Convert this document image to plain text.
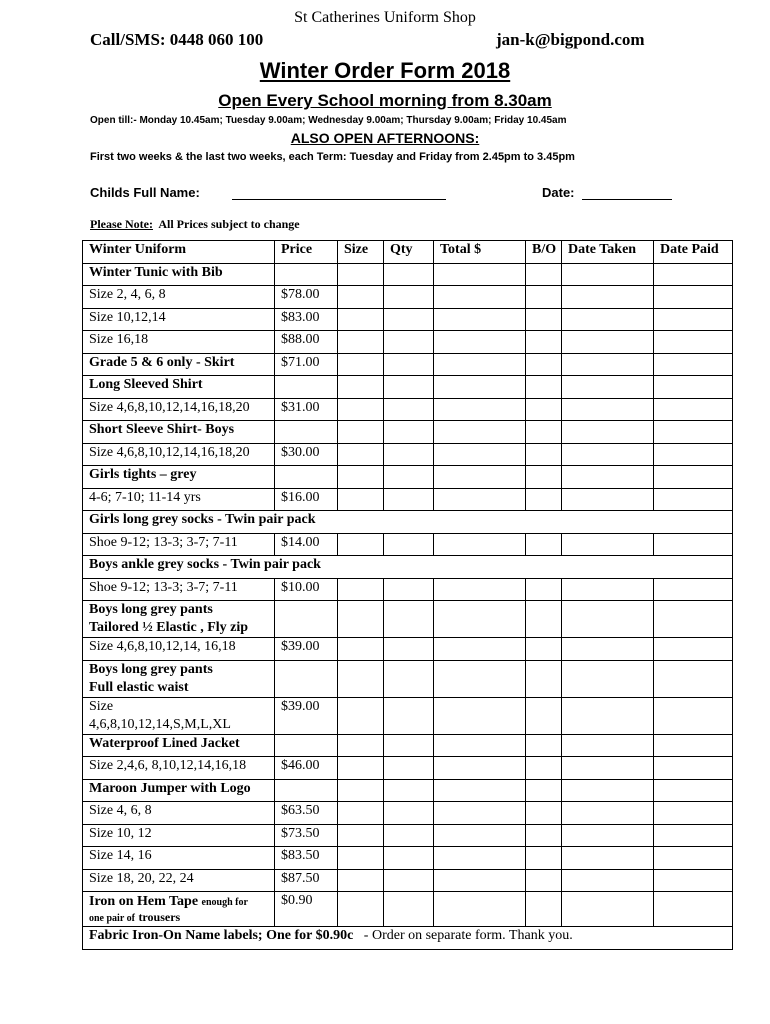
St Catherines Uniform Shop
Call/SMS: 0448 060 100	jan-k@bigpond.com
Winter Order Form 2018
Open Every School morning from 8.30am
Open till:- Monday 10.45am; Tuesday 9.00am; Wednesday 9.00am; Thursday 9.00am; Friday 10.45am
ALSO OPEN AFTERNOONS:
First two weeks & the last two weeks, each Term: Tuesday and Friday from 2.45pm to 3.45pm
Childs Full Name:	Date:
Please Note: All Prices subject to change
Winter Uniform	Price	Size	Qty	Total $	B/O	Date Taken	Date Paid
Winter Tunic with Bib							
Size 2, 4, 6, 8	$78.00						
Size 10,12,14	$83.00						
Size 16,18	$88.00						
Grade 5 & 6 only - Skirt	$71.00						
Long Sleeved Shirt							
Size 4,6,8,10,12,14,16,18,20	$31.00						
Short Sleeve Shirt- Boys							
Size 4,6,8,10,12,14,16,18,20	$30.00						
Girls tights – grey							
4-6; 7-10; 11-14 yrs	$16.00						
Girls long grey socks - Twin pair pack							
Shoe 9-12; 13-3; 3-7; 7-11	$14.00						
Boys ankle grey socks - Twin pair pack							
Shoe 9-12; 13-3; 3-7; 7-11	$10.00						
Boys long grey pants
Tailored ½ Elastic , Fly zip							
Size 4,6,8,10,12,14, 16,18	$39.00						
Boys long grey pants
Full elastic waist							
Size
4,6,8,10,12,14,S,M,L,XL	$39.00						
Waterproof Lined Jacket							
Size 2,4,6, 8,10,12,14,16,18	$46.00						
Maroon Jumper with Logo							
Size 4, 6, 8	$63.50						
Size 10, 12	$73.50						
Size 14, 16	$83.50						
Size 18, 20, 22, 24	$87.50						
Iron on Hem Tape enough for
one pair of trousers	$0.90						
Fabric Iron-On Name labels; One for $0.90c - Order on separate form. Thank you.							
